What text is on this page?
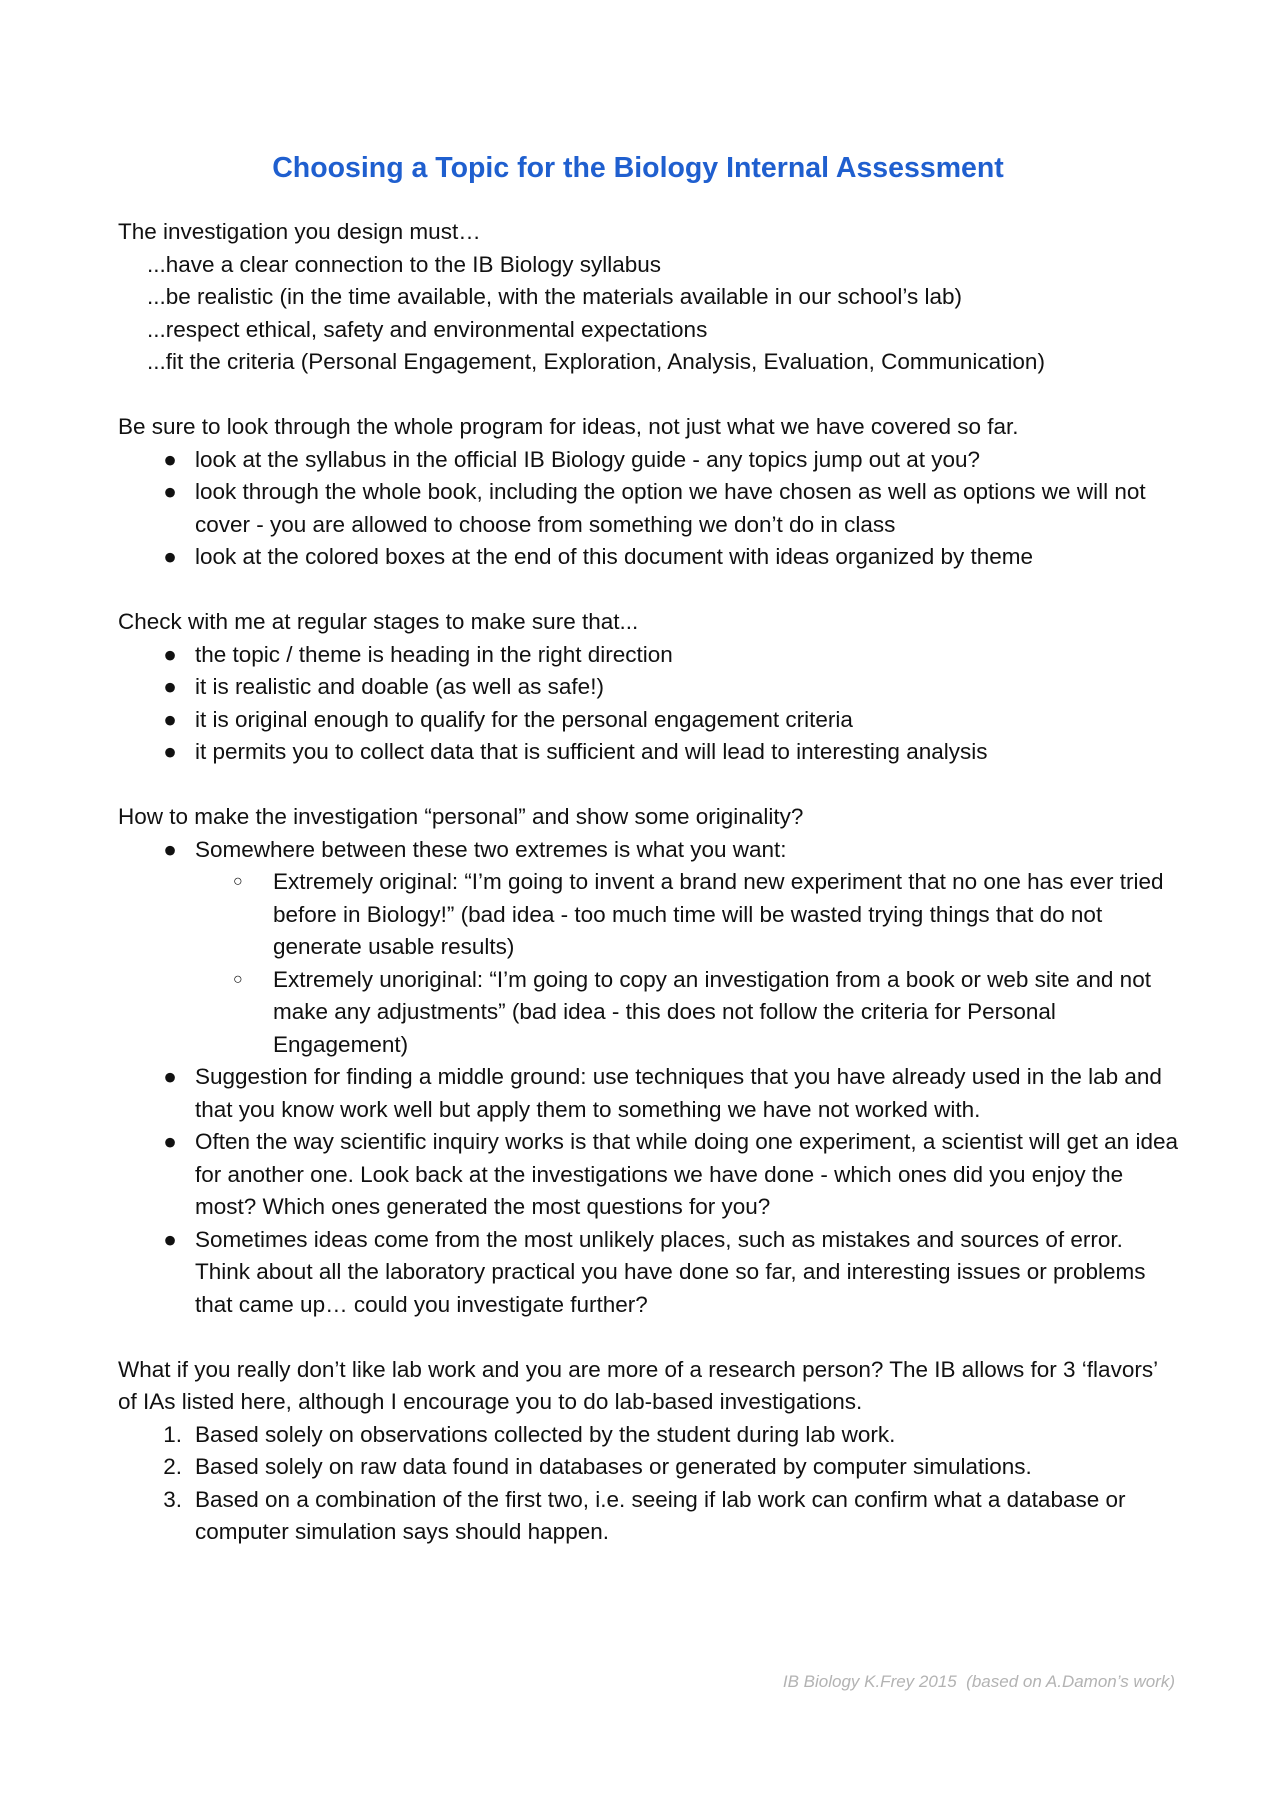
Choosing a Topic for the Biology Internal Assessment

The investigation you design must…

...have a clear connection to the IB Biology syllabus
...be realistic (in the time available, with the materials available in our school’s lab)
...respect ethical, safety and environmental expectations
...fit the criteria (Personal Engagement, Exploration, Analysis, Evaluation, Communication)

Be sure to look through the whole program for ideas, not just what we have covered so far.

● look at the syllabus in the official IB Biology guide - any topics jump out at you?
● look through the whole book, including the option we have chosen as well as options we will not cover - you are allowed to choose from something we don’t do in class
● look at the colored boxes at the end of this document with ideas organized by theme

Check with me at regular stages to make sure that...

● the topic / theme is heading in the right direction
● it is realistic and doable (as well as safe!)
● it is original enough to qualify for the personal engagement criteria
● it permits you to collect data that is sufficient and will lead to interesting analysis

How to make the investigation “personal” and show some originality?

● Somewhere between these two extremes is what you want:
○ Extremely original: “I’m going to invent a brand new experiment that no one has ever tried before in Biology!” (bad idea - too much time will be wasted trying things that do not generate usable results)
○ Extremely unoriginal: “I’m going to copy an investigation from a book or web site and not make any adjustments” (bad idea - this does not follow the criteria for Personal Engagement)
● Suggestion for finding a middle ground: use techniques that you have already used in the lab and that you know work well but apply them to something we have not worked with.
● Often the way scientific inquiry works is that while doing one experiment, a scientist will get an idea for another one. Look back at the investigations we have done - which ones did you enjoy the most? Which ones generated the most questions for you?
● Sometimes ideas come from the most unlikely places, such as mistakes and sources of error. Think about all the laboratory practical you have done so far, and interesting issues or problems that came up… could you investigate further?

What if you really don’t like lab work and you are more of a research person? The IB allows for 3 ‘flavors’ of IAs listed here, although I encourage you to do lab-based investigations.

1. Based solely on observations collected by the student during lab work.
2. Based solely on raw data found in databases or generated by computer simulations.
3. Based on a combination of the first two, i.e. seeing if lab work can confirm what a database or computer simulation says should happen.
IB Biology K.Frey 2015  (based on A.Damon’s work)
